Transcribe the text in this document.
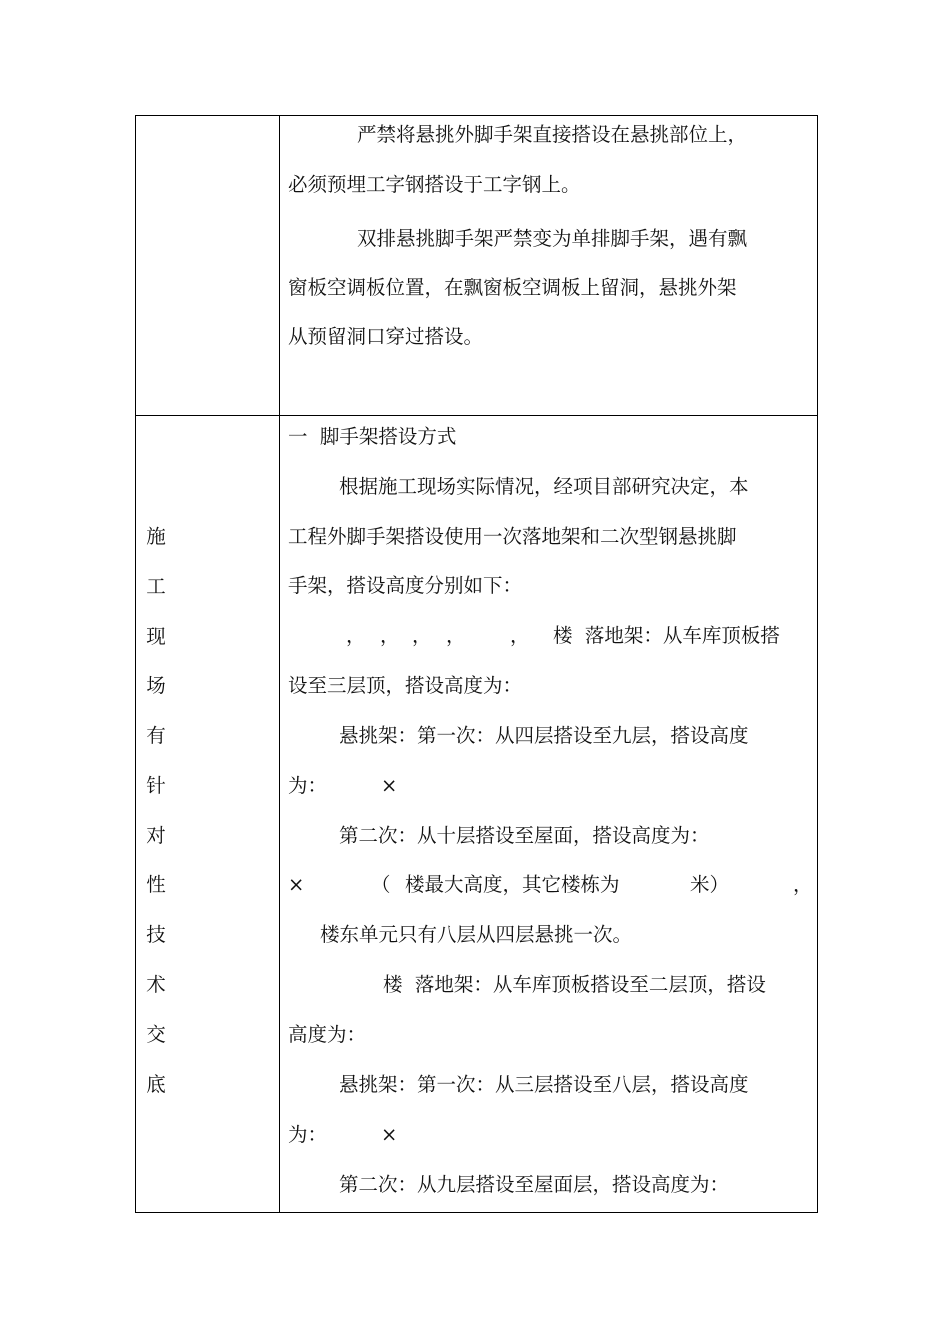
严禁将悬挑外脚手架直接搭设在悬挑部位上，
必须预埋工字钢搭设于工字钢上。
双排悬挑脚手架严禁变为单排脚手架，遇有飘
窗板空调板位置，在飘窗板空调板上留洞，悬挑外架
从预留洞口穿过搭设。
施
工
现
场
有
针
对
性
技
术
交
底
一  脚手架搭设方式
根据施工现场实际情况，经项目部研究决定，本
工程外脚手架搭设使用一次落地架和二次型钢悬挑脚
手架，搭设高度分别如下：
， ， ， ， ， 楼  落地架：从车库顶板搭
设至三层顶，搭设高度为：
悬挑架：第一次：从四层搭设至九层，搭设高度
为：	×
第二次：从十层搭设至屋面，搭设高度为：
×	（ 楼最大高度，其它楼栋为	米）	，
楼东单元只有八层从四层悬挑一次。
楼  落地架：从车库顶板搭设至二层顶，搭设
高度为：
悬挑架：第一次：从三层搭设至八层，搭设高度
为：	×
第二次：从九层搭设至屋面层，搭设高度为：
